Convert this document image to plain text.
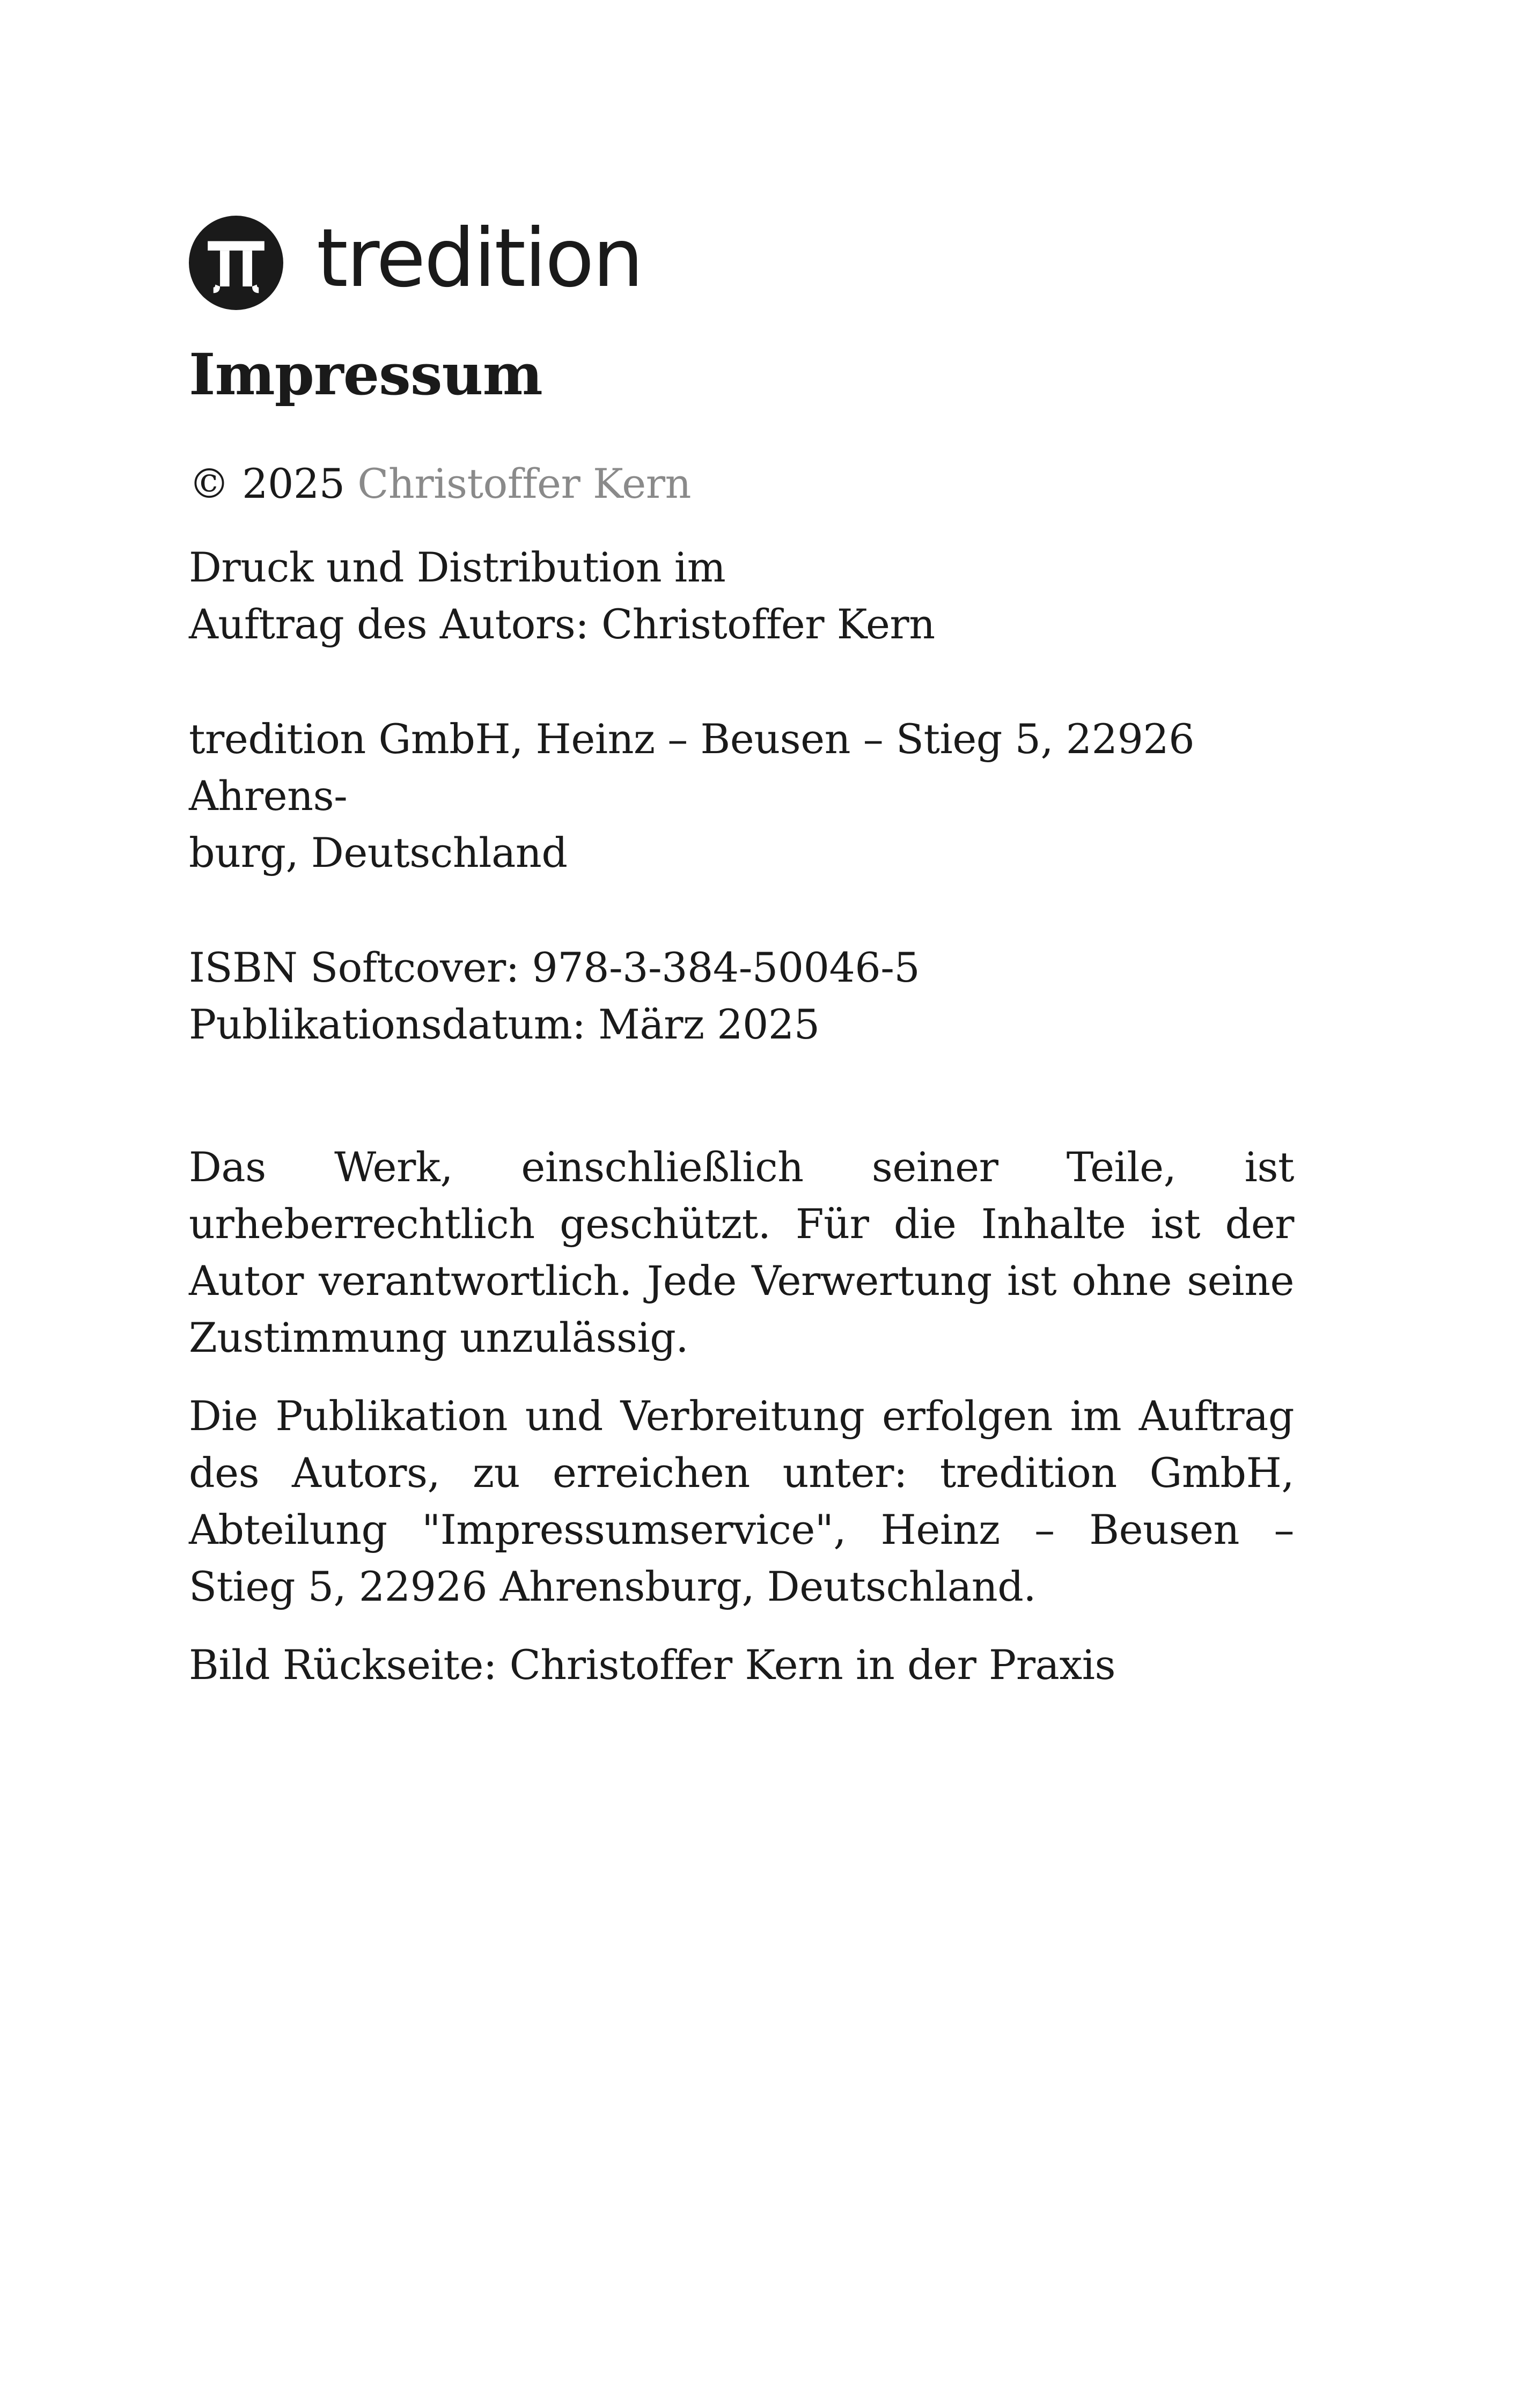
tredition
Impressum

© 2025 Christoffer Kern

Druck und Distribution im
Auftrag des Autors: Christoffer Kern

tredition GmbH, Heinz – Beusen – Stieg 5, 22926 Ahrens-
burg, Deutschland

ISBN Softcover: 978-3-384-50046-5
Publikationsdatum: März 2025

Das Werk, einschließlich seiner Teile, ist urheberrechtlich geschützt. Für die Inhalte ist der Autor verantwortlich. Jede Verwertung ist ohne seine Zustimmung unzulässig.

Die Publikation und Verbreitung erfolgen im Auftrag des Autors, zu erreichen unter: tredition GmbH, Abteilung "Impressumservice", Heinz – Beusen – Stieg 5, 22926 Ahrensburg, Deutschland.

Bild Rückseite: Christoffer Kern in der Praxis
